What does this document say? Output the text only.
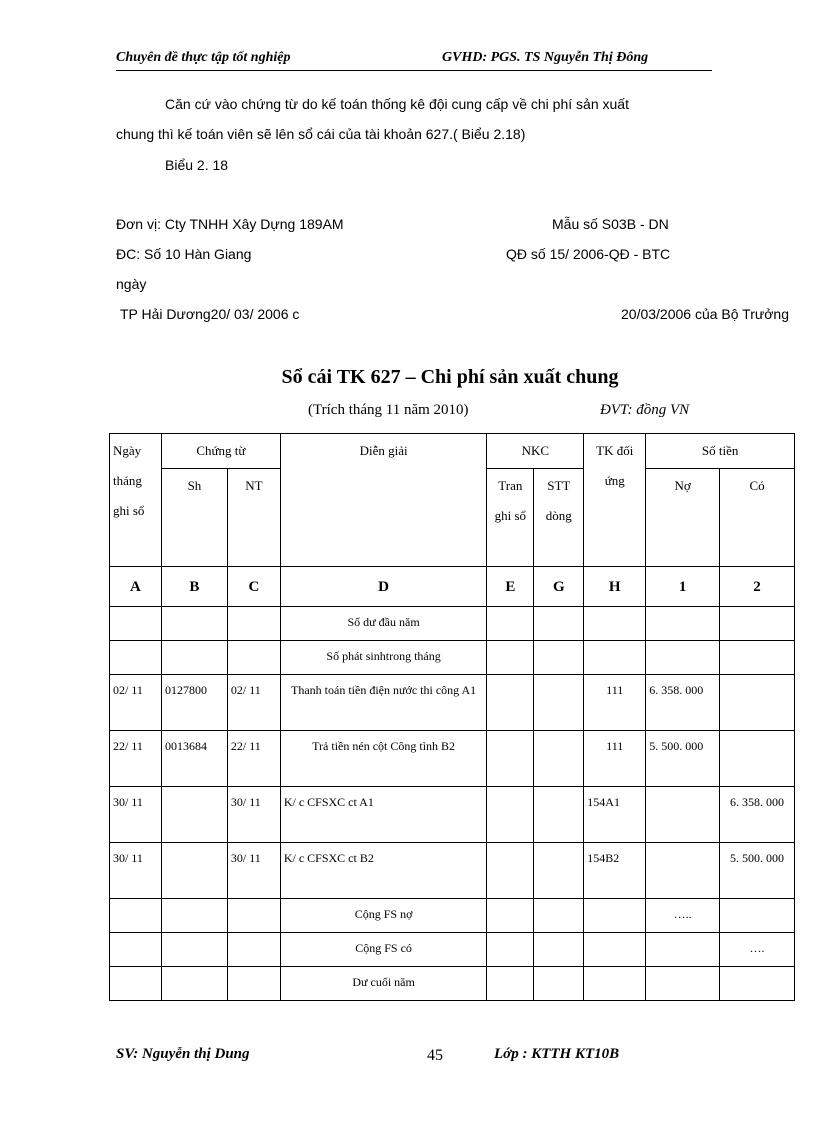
Chuyên đề thực tập tốt nghiệp	GVHD: PGS. TS Nguyễn Thị Đông
Căn cứ vào chứng từ do kế toán thống kê đội cung cấp về chi phí sản xuất
chung thì kế toán viên sẽ lên sổ cái của tài khoản 627.( Biểu 2.18)
Biểu 2. 18
Đơn vị: Cty TNHH Xây Dựng 189AM	Mẫu số S03B - DN
ĐC: Số 10 Hàn Giang	QĐ số 15/ 2006-QĐ - BTC
ngày
TP Hải Dương20/ 03/ 2006 c	20/03/2006 của Bộ Trưởng
Sổ cái TK 627 – Chi phí sản xuất chung
(Trích tháng 11 năm 2010)	ĐVT: đồng VN
Ngày tháng ghi sổ	Chứng từ		Diễn giải	NKC		TK đối ứng	Số tiền	
	Sh	NT		Tran ghi sổ	STT dòng		Nợ	Có
A	B	C	D	E	G	H	1	2
			Số dư đầu năm					
			Số phát sinhtrong tháng					
02/ 11	0127800	02/ 11	Thanh toán tiền điện nước thi công A1			111	6. 358. 000	
22/ 11	0013684	22/ 11	Trả tiền nén cột Công tình B2			111	5. 500. 000	
30/ 11		30/ 11	K/ c CFSXC ct A1			154A1		6. 358. 000
30/ 11		30/ 11	K/ c CFSXC ct B2			154B2		5. 500. 000
			Cộng FS nợ				…..	
			Cộng FS có					….
			Dư cuối năm					
SV: Nguyễn thị Dung	45	Lớp : KTTH KT10B
